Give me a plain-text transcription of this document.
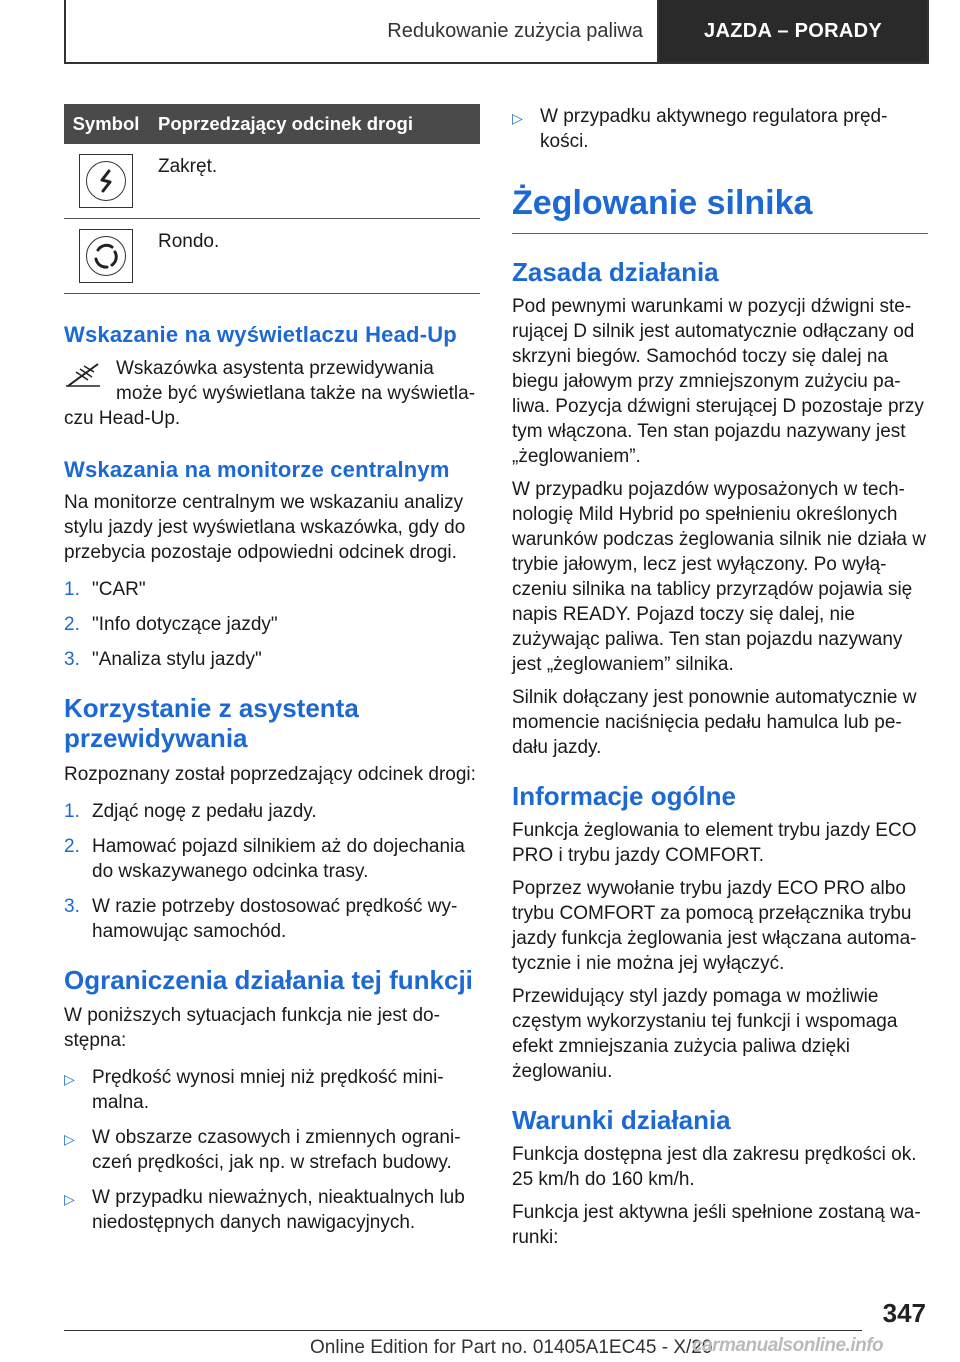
Redukowanie zużycia paliwa	JAZDA – PORADY
Symbol	Poprzedzający odcinek drogi
Zakręt.
Rondo.
Wskazanie na wyświetlaczu Head-Up

Wskazówka asystenta przewidywania

może być wyświetlana także na wyświetla-

czu Head-Up.

Wskazania na monitorze centralnym

Na monitorze centralnym we wskazaniu analizy stylu jazdy jest wyświetlana wskazówka, gdy do przebycia pozostaje odpowiedni odcinek drogi.

1. "CAR"
2. "Info dotyczące jazdy"
3. "Analiza stylu jazdy"
Korzystanie z asystenta przewidywania

Rozpoznany został poprzedzający odcinek drogi:

1. Zdjąć nogę z pedału jazdy.
2. Hamować pojazd silnikiem aż do dojechania do wskazywanego odcinka trasy.
3. W razie potrzeby dostosować prędkość wyhamowując samochód.
Ograniczenia działania tej funkcji

W poniższych sytuacjach funkcja nie jest dostępna:

▷ Prędkość wynosi mniej niż prędkość minimalna.
▷ W obszarze czasowych i zmiennych ograniczeń prędkości, jak np. w strefach budowy.
▷ W przypadku nieważnych, nieaktualnych lub niedostępnych danych nawigacyjnych.
▷ W przypadku aktywnego regulatora prędkości.
Żeglowanie silnika
Zasada działania

Pod pewnymi warunkami w pozycji dźwigni sterującej D silnik jest automatycznie odłączany od skrzyni biegów. Samochód toczy się dalej na biegu jałowym przy zmniejszonym zużyciu paliwa. Pozycja dźwigni sterującej D pozostaje przy tym włączona. Ten stan pojazdu nazywany jest „żeglowaniem”.

W przypadku pojazdów wyposażonych w technologię Mild Hybrid po spełnieniu określonych warunków podczas żeglowania silnik nie działa w trybie jałowym, lecz jest wyłączony. Po wyłączeniu silnika na tablicy przyrządów pojawia się napis READY. Pojazd toczy się dalej, nie zużywając paliwa. Ten stan pojazdu nazywany jest „żeglowaniem” silnika.

Silnik dołączany jest ponownie automatycznie w momencie naciśnięcia pedału hamulca lub pedału jazdy.

Informacje ogólne

Funkcja żeglowania to element trybu jazdy ECO PRO i trybu jazdy COMFORT.

Poprzez wywołanie trybu jazdy ECO PRO albo trybu COMFORT za pomocą przełącznika trybu jazdy funkcja żeglowania jest włączana automatycznie i nie można jej wyłączyć.

Przewidujący styl jazdy pomaga w możliwie częstym wykorzystaniu tej funkcji i wspomaga efekt zmniejszania zużycia paliwa dzięki żeglowaniu.

Warunki działania

Funkcja dostępna jest dla zakresu prędkości ok. 25 km/h do 160 km/h.

Funkcja jest aktywna jeśli spełnione zostaną warunki:

347
Online Edition for Part no. 01405A1EC45 - X/20
carmanualsonline.info
